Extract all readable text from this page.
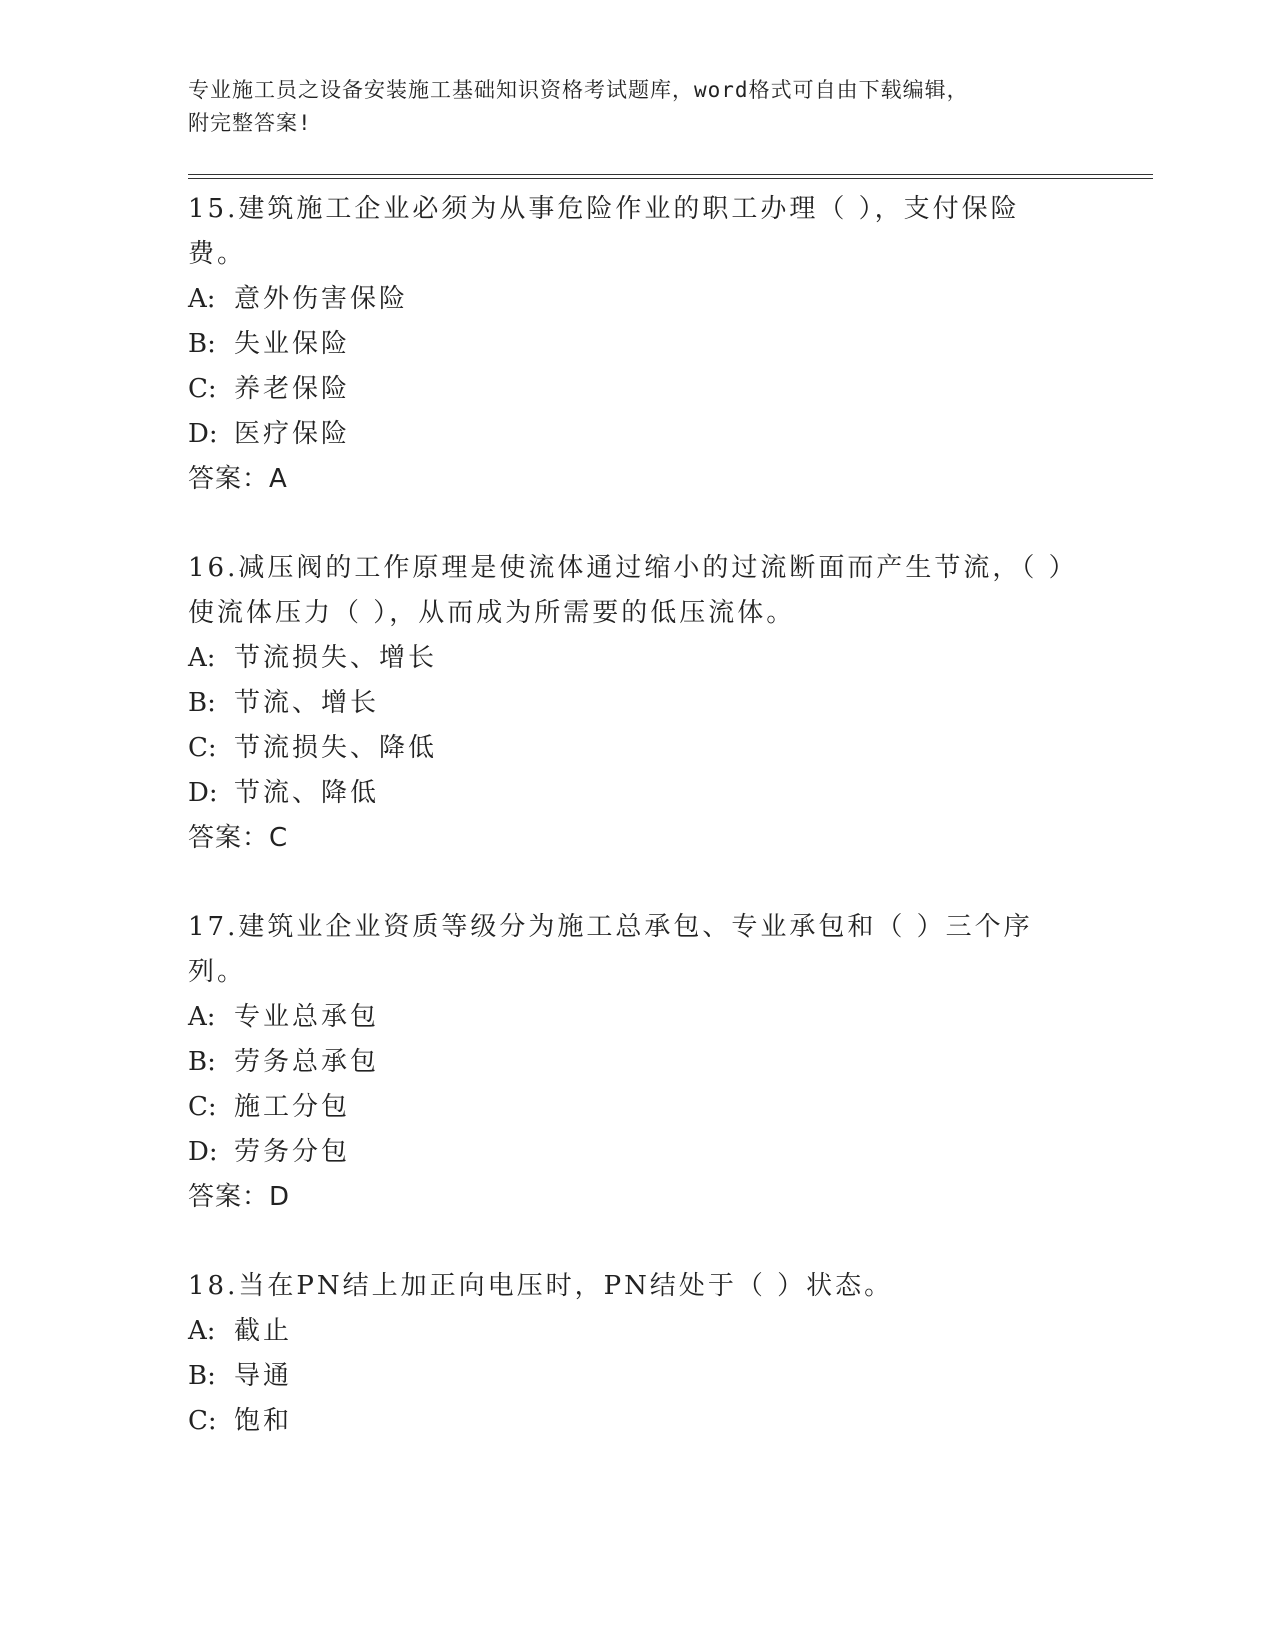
专业施工员之设备安装施工基础知识资格考试题库，word格式可自由下载编辑，
附完整答案!
15.建筑施工企业必须为从事危险作业的职工办理（ ），支付保险费。
A: 意外伤害保险
B: 失业保险
C: 养老保险
D: 医疗保险
答案：A
16.减压阀的工作原理是使流体通过缩小的过流断面而产生节流，（ ）使流体压力（ ），从而成为所需要的低压流体。
A: 节流损失、增长
B: 节流、增长
C: 节流损失、降低
D: 节流、降低
答案：C
17.建筑业企业资质等级分为施工总承包、专业承包和（ ）三个序列。
A: 专业总承包
B: 劳务总承包
C: 施工分包
D: 劳务分包
答案：D
18.当在PN结上加正向电压时，PN结处于（ ）状态。
A: 截止
B: 导通
C: 饱和
